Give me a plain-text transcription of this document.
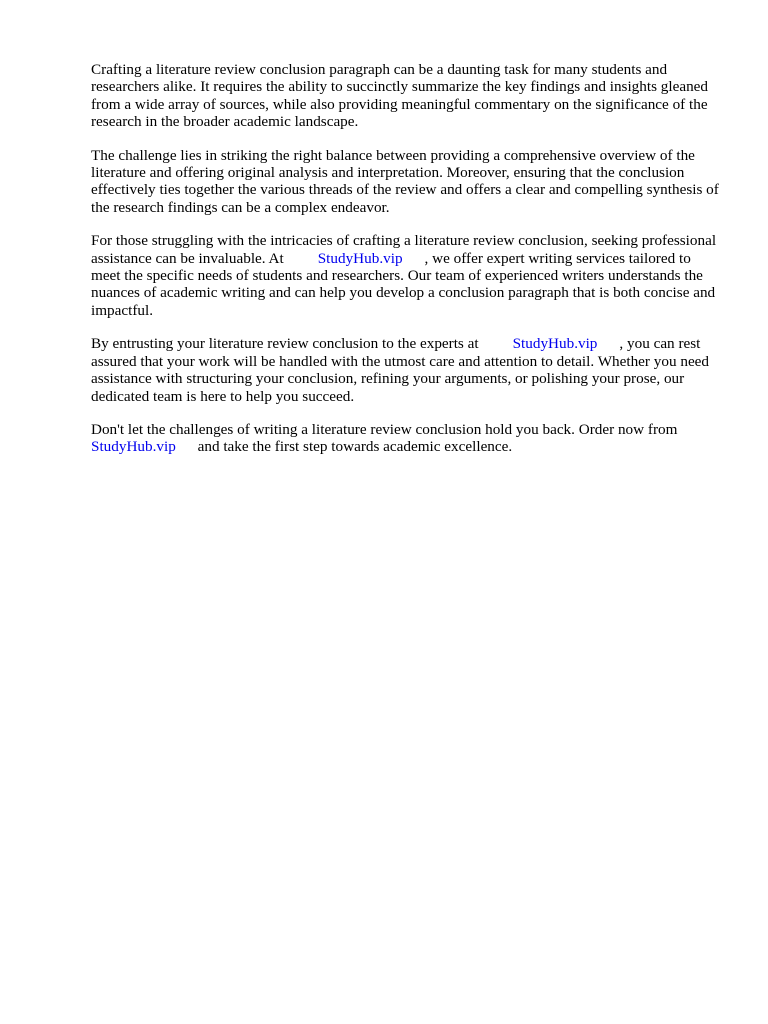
Crafting a literature review conclusion paragraph can be a daunting task for many students and researchers alike. It requires the ability to succinctly summarize the key findings and insights gleaned from a wide array of sources, while also providing meaningful commentary on the significance of the research in the broader academic landscape.

The challenge lies in striking the right balance between providing a comprehensive overview of the literature and offering original analysis and interpretation. Moreover, ensuring that the conclusion effectively ties together the various threads of the review and offers a clear and compelling synthesis of the research findings can be a complex endeavor.

For those struggling with the intricacies of crafting a literature review conclusion, seeking professional assistance can be invaluable. At StudyHub.vip , we offer expert writing services tailored to meet the specific needs of students and researchers. Our team of experienced writers understands the nuances of academic writing and can help you develop a conclusion paragraph that is both concise and impactful.

By entrusting your literature review conclusion to the experts at StudyHub.vip , you can rest assured that your work will be handled with the utmost care and attention to detail. Whether you need assistance with structuring your conclusion, refining your arguments, or polishing your prose, our dedicated team is here to help you succeed.

Don't let the challenges of writing a literature review conclusion hold you back. Order now from StudyHub.vip and take the first step towards academic excellence.
